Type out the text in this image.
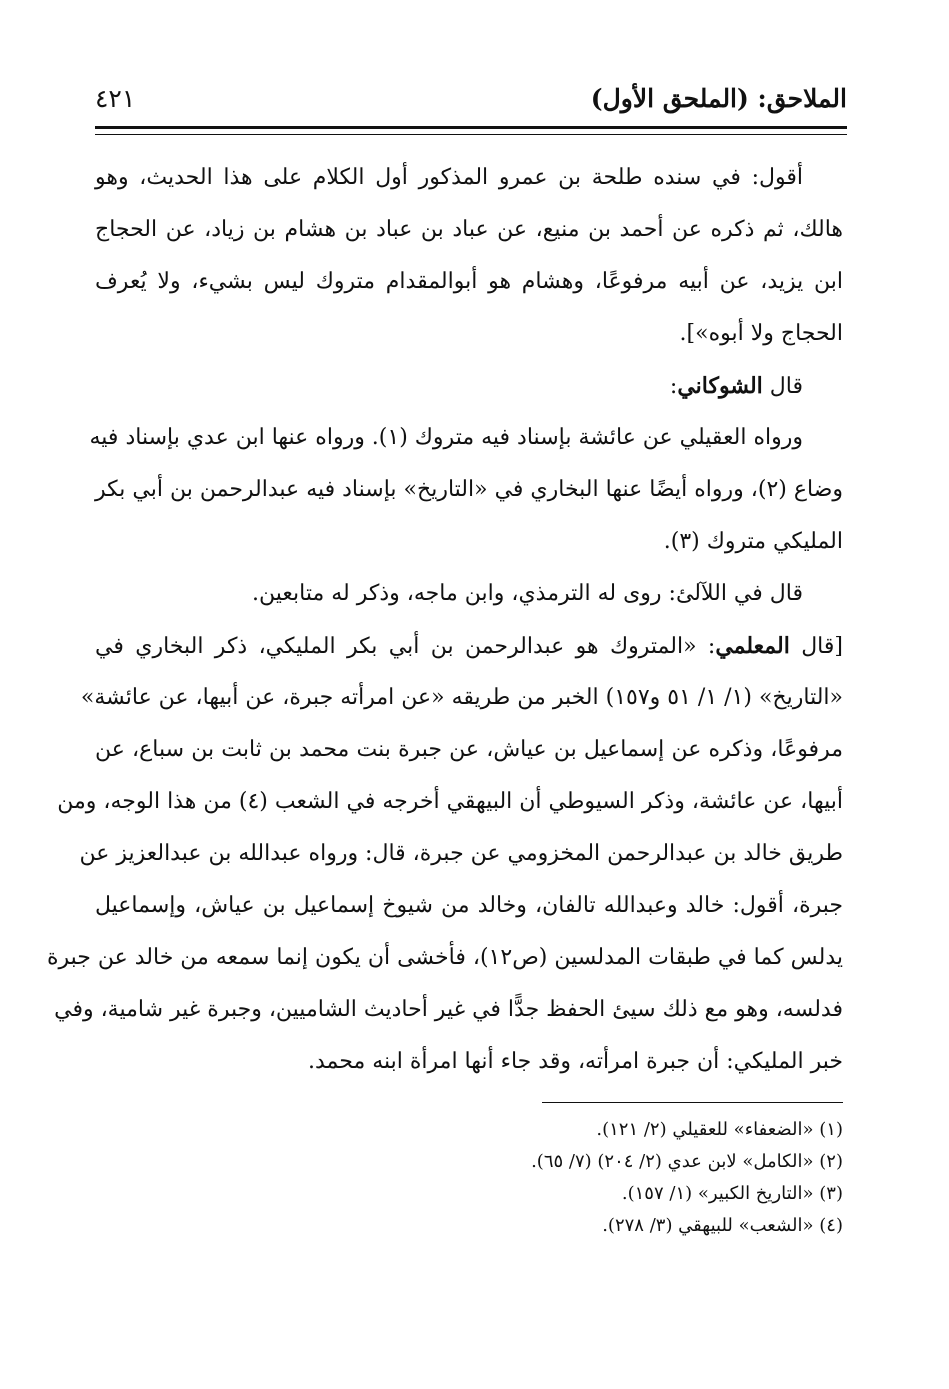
الملاحق: (الملحق الأول)
٤٢١
أقول: في سنده طلحة بن عمرو المذكور أول الكلام على هذا الحديث، وهو
هالك، ثم ذكره عن أحمد بن منيع، عن عباد بن عباد بن هشام بن زياد، عن الحجاج
ابن يزيد، عن أبيه مرفوعًا، وهشام هو أبوالمقدام متروك ليس بشيء، ولا يُعرف
الحجاج ولا أبوه»].
قال الشوكاني:
ورواه العقيلي عن عائشة بإسناد فيه متروك (١). ورواه عنها ابن عدي بإسناد فيه
وضاع (٢)، ورواه أيضًا عنها البخاري في «التاريخ» بإسناد فيه عبدالرحمن بن أبي بكر
المليكي متروك (٣).
قال في اللآلئ: روى له الترمذي، وابن ماجه، وذكر له متابعين.
[قال المعلمي: «المتروك هو عبدالرحمن بن أبي بكر المليكي، ذكر البخاري في
«التاريخ» (١/ ١/ ٥١ و١٥٧) الخبر من طريقه «عن امرأته جبرة، عن أبيها، عن عائشة»
مرفوعًا، وذكره عن إسماعيل بن عياش، عن جبرة بنت محمد بن ثابت بن سباع، عن
أبيها، عن عائشة، وذكر السيوطي أن البيهقي أخرجه في الشعب (٤) من هذا الوجه، ومن
طريق خالد بن عبدالرحمن المخزومي عن جبرة، قال: ورواه عبدالله بن عبدالعزيز عن
جبرة، أقول: خالد وعبدالله تالفان، وخالد من شيوخ إسماعيل بن عياش، وإسماعيل
يدلس كما في طبقات المدلسين (ص١٢)، فأخشى أن يكون إنما سمعه من خالد عن جبرة
فدلسه، وهو مع ذلك سيئ الحفظ جدًّا في غير أحاديث الشاميين، وجبرة غير شامية، وفي
خبر المليكي: أن جبرة امرأته، وقد جاء أنها امرأة ابنه محمد.
(١) «الضعفاء» للعقيلي (٢/ ١٢١).
(٢) «الكامل» لابن عدي (٢/ ٢٠٤) (٧/ ٦٥).
(٣) «التاريخ الكبير» (١/ ١٥٧).
(٤) «الشعب» للبيهقي (٣/ ٢٧٨).
